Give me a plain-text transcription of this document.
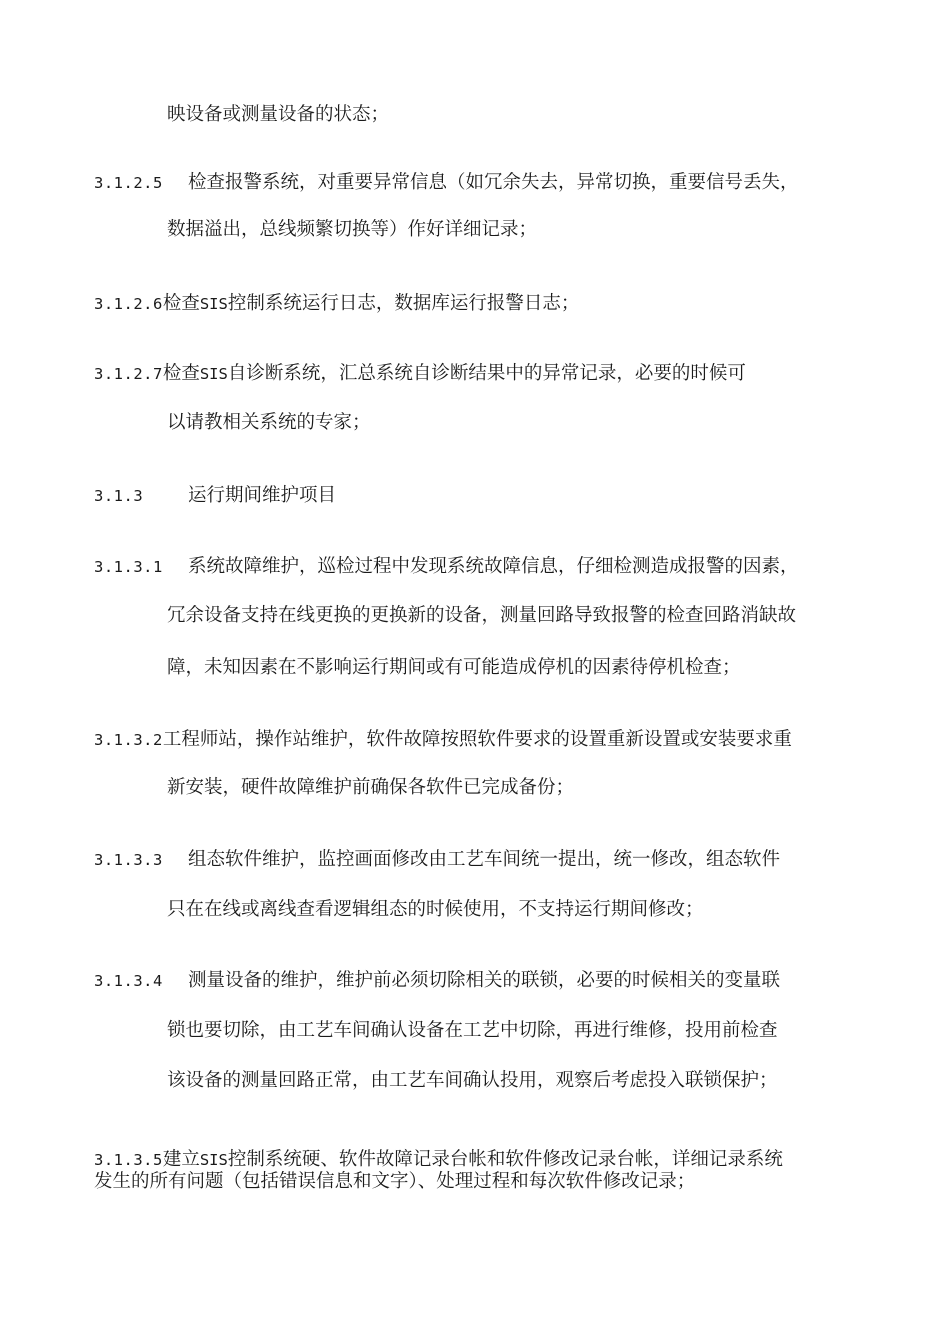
映设备或测量设备的状态；
3.1.2.5 检查报警系统，对重要异常信息（如冗余失去，异常切换，重要信号丢失，
数据溢出，总线频繁切换等）作好详细记录；
3.1.2.6检查SIS控制系统运行日志，数据库运行报警日志；
3.1.2.7检查SIS自诊断系统，汇总系统自诊断结果中的异常记录，必要的时候可
以请教相关系统的专家；
3.1.3 运行期间维护项目
3.1.3.1 系统故障维护，巡检过程中发现系统故障信息，仔细检测造成报警的因素，
冗余设备支持在线更换的更换新的设备，测量回路导致报警的检查回路消缺故
障，未知因素在不影响运行期间或有可能造成停机的因素待停机检查；
3.1.3.2工程师站，操作站维护，软件故障按照软件要求的设置重新设置或安装要求重
新安装，硬件故障维护前确保各软件已完成备份；
3.1.3.3 组态软件维护，监控画面修改由工艺车间统一提出，统一修改，组态软件
只在在线或离线查看逻辑组态的时候使用，不支持运行期间修改；
3.1.3.4 测量设备的维护，维护前必须切除相关的联锁，必要的时候相关的变量联
锁也要切除，由工艺车间确认设备在工艺中切除，再进行维修，投用前检查
该设备的测量回路正常，由工艺车间确认投用，观察后考虑投入联锁保护；
3.1.3.5建立SIS控制系统硬、软件故障记录台帐和软件修改记录台帐，详细记录系统
发生的所有问题（包括错误信息和文字）、处理过程和每次软件修改记录；
